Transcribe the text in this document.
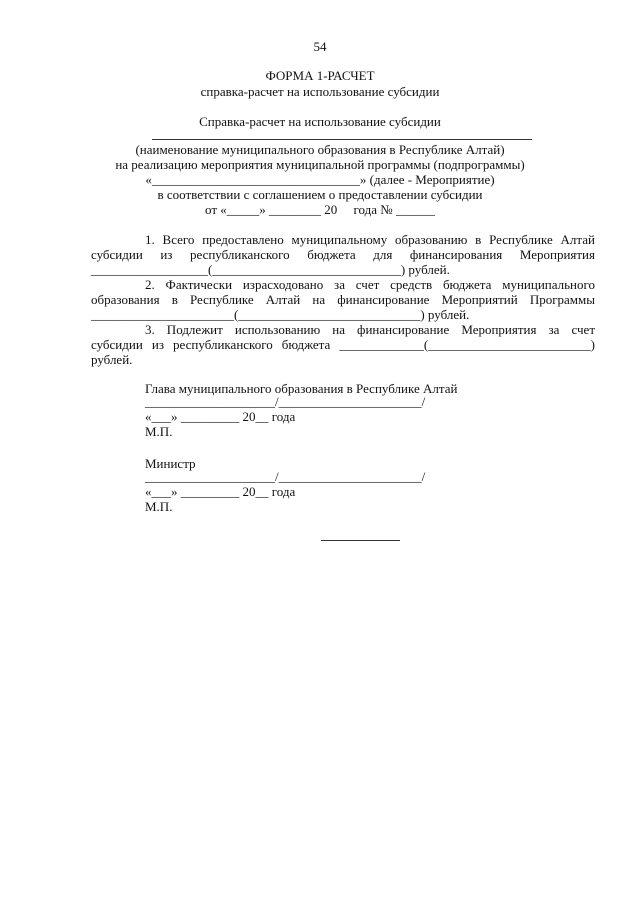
54
ФОРМА 1-РАСЧЕТ
справка-расчет на использование субсидии
Справка-расчет на использование субсидии
(наименование муниципального образования в Республике Алтай)
на реализацию мероприятия муниципальной программы (подпрограммы)
«________________________________» (далее - Мероприятие)
в соответствии с соглашением о предоставлении субсидии
от «_____» ________ 20     года № ______
1. Всего предоставлено муниципальному образованию в Республике Алтай
субсидии из республиканского бюджета для финансирования Мероприятия
__________________(_____________________________) рублей.
2. Фактически израсходовано за счет средств бюджета муниципального
образования в Республике Алтай на финансирование Мероприятий Программы
______________________(____________________________) рублей.
3. Подлежит использованию на финансирование Мероприятия за счет
субсидии из республиканского бюджета _____________(_________________________)
рублей.
Глава муниципального образования в Республике Алтай
____________________/______________________/
«___» _________ 20__ года
М.П.
Министр
____________________/______________________/
«___» _________ 20__ года
М.П.
